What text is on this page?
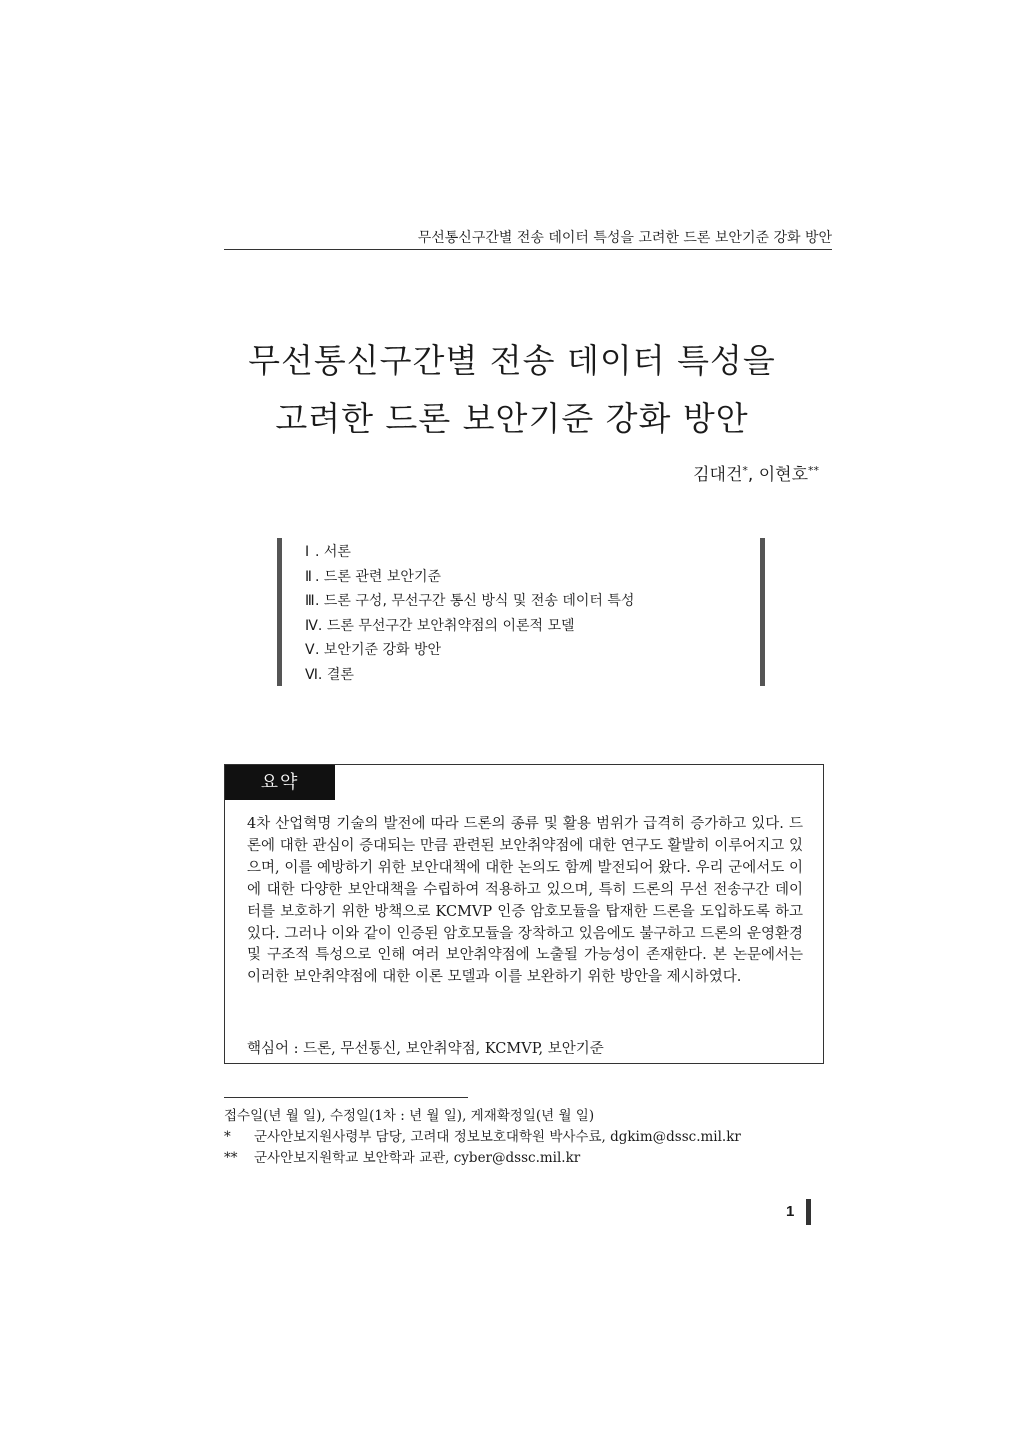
무선통신구간별 전송 데이터 특성을 고려한 드론 보안기준 강화 방안
무선통신구간별 전송 데이터 특성을
고려한 드론 보안기준 강화 방안
김대건*, 이현호**
Ⅰ . 서론
Ⅱ . 드론 관련 보안기준
Ⅲ. 드론 구성, 무선구간 통신 방식 및 전송 데이터 특성
Ⅳ. 드론 무선구간 보안취약점의 이론적 모델
Ⅴ. 보안기준 강화 방안
Ⅵ. 결론
요약
4차 산업혁명 기술의 발전에 따라 드론의 종류 및 활용 범위가 급격히 증가하고 있다. 드론에 대한 관심이 증대되는 만큼 관련된 보안취약점에 대한 연구도 활발히 이루어지고 있으며, 이를 예방하기 위한 보안대책에 대한 논의도 함께 발전되어 왔다. 우리 군에서도 이에 대한 다양한 보안대책을 수립하여 적용하고 있으며, 특히 드론의 무선 전송구간 데이터를 보호하기 위한 방책으로 KCMVP 인증 암호모듈을 탑재한 드론을 도입하도록 하고 있다. 그러나 이와 같이 인증된 암호모듈을 장착하고 있음에도 불구하고 드론의 운영환경 및 구조적 특성으로 인해 여러 보안취약점에 노출될 가능성이 존재한다. 본 논문에서는 이러한 보안취약점에 대한 이론 모델과 이를 보완하기 위한 방안을 제시하였다.
핵심어 : 드론, 무선통신, 보안취약점, KCMVP, 보안기준
접수일(년 월 일), 수정일(1차 : 년 월 일), 게재확정일(년 월 일)
* 군사안보지원사령부 담당, 고려대 정보보호대학원 박사수료, dgkim@dssc.mil.kr
** 군사안보지원학교 보안학과 교관, cyber@dssc.mil.kr
1
